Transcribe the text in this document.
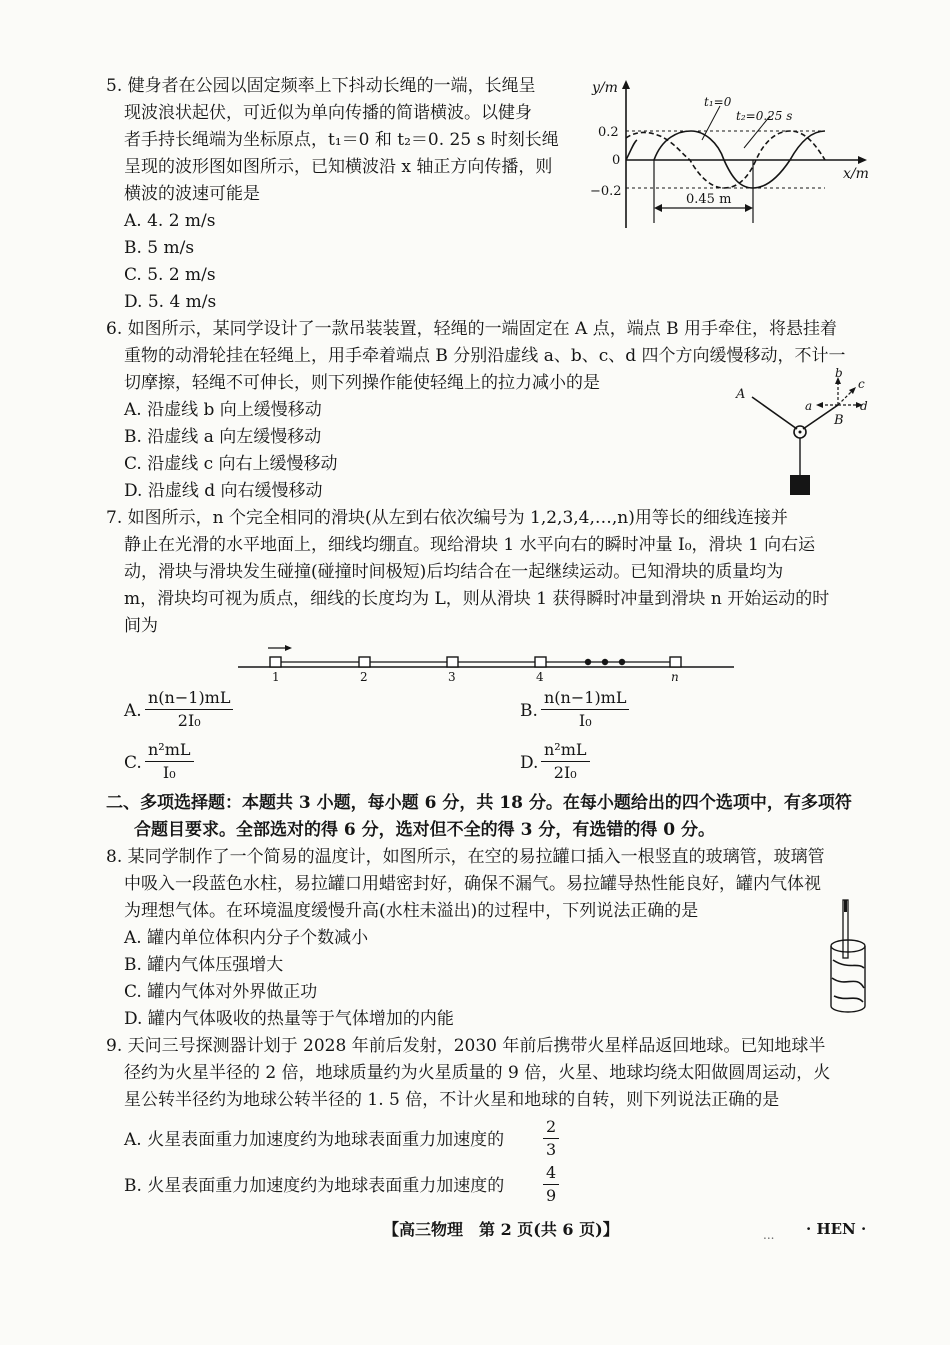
5. 健身者在公园以固定频率上下抖动长绳的一端，长绳呈
现波浪状起伏，可近似为单向传播的简谐横波。以健身
者手持长绳端为坐标原点，t₁＝0 和 t₂＝0. 25 s 时刻长绳
呈现的波形图如图所示，已知横波沿 x 轴正方向传播，则
横波的波速可能是
A. 4. 2 m/s
B. 5 m/s
C. 5. 2 m/s
D. 5. 4 m/s
y/m
x/m
0.2
0
−0.2
t₁=0
t₂=0.25 s
0.45 m
6. 如图所示，某同学设计了一款吊装装置，轻绳的一端固定在 A 点，端点 B 用手牵住，将悬挂着
重物的动滑轮挂在轻绳上，用手牵着端点 B 分别沿虚线 a、b、c、d 四个方向缓慢移动，不计一
切摩擦，轻绳不可伸长，则下列操作能使轻绳上的拉力减小的是
A. 沿虚线 b 向上缓慢移动
B. 沿虚线 a 向左缓慢移动
C. 沿虚线 c 向右上缓慢移动
D. 沿虚线 d 向右缓慢移动
A
B
a
b
c
d
7. 如图所示，n 个完全相同的滑块(从左到右依次编号为 1,2,3,4,…,n)用等长的细线连接并
静止在光滑的水平地面上，细线均绷直。现给滑块 1 水平向右的瞬时冲量 I₀，滑块 1 向右运
动，滑块与滑块发生碰撞(碰撞时间极短)后均结合在一起继续运动。已知滑块的质量均为
m，滑块均可视为质点，细线的长度均为 L，则从滑块 1 获得瞬时冲量到滑块 n 开始运动的时
间为
1	2	3	4	n
A. $\frac{n(n-1)mL}{\text{2I₀}}$	B. $\frac{n(n-1)mL}{\text{I₀}}$
C. $\frac{\text{n²mL}}{\text{I₀}}$	D. $\frac{\text{n²mL}}{\text{2I₀}}$
二、多项选择题：本题共 3 小题，每小题 6 分，共 18 分。在每小题给出的四个选项中，有多项符
合题目要求。全部选对的得 6 分，选对但不全的得 3 分，有选错的得 0 分。
8. 某同学制作了一个简易的温度计，如图所示，在空的易拉罐口插入一根竖直的玻璃管，玻璃管
中吸入一段蓝色水柱，易拉罐口用蜡密封好，确保不漏气。易拉罐导热性能良好，罐内气体视
为理想气体。在环境温度缓慢升高(水柱未溢出)的过程中，下列说法正确的是
A. 罐内单位体积内分子个数减小
B. 罐内气体压强增大
C. 罐内气体对外界做正功
D. 罐内气体吸收的热量等于气体增加的内能
9. 天问三号探测器计划于 2028 年前后发射，2030 年前后携带火星样品返回地球。已知地球半
径约为火星半径的 2 倍，地球质量约为火星质量的 9 倍，火星、地球均绕太阳做圆周运动，火
星公转半径约为地球公转半径的 1. 5 倍，不计火星和地球的自转，则下列说法正确的是
A. 火星表面重力加速度约为地球表面重力加速度的 $\frac{2}{3}$
B. 火星表面重力加速度约为地球表面重力加速度的 $\frac{4}{9}$
【高三物理　第 2 页(共 6 页)】	... · HEN ·
